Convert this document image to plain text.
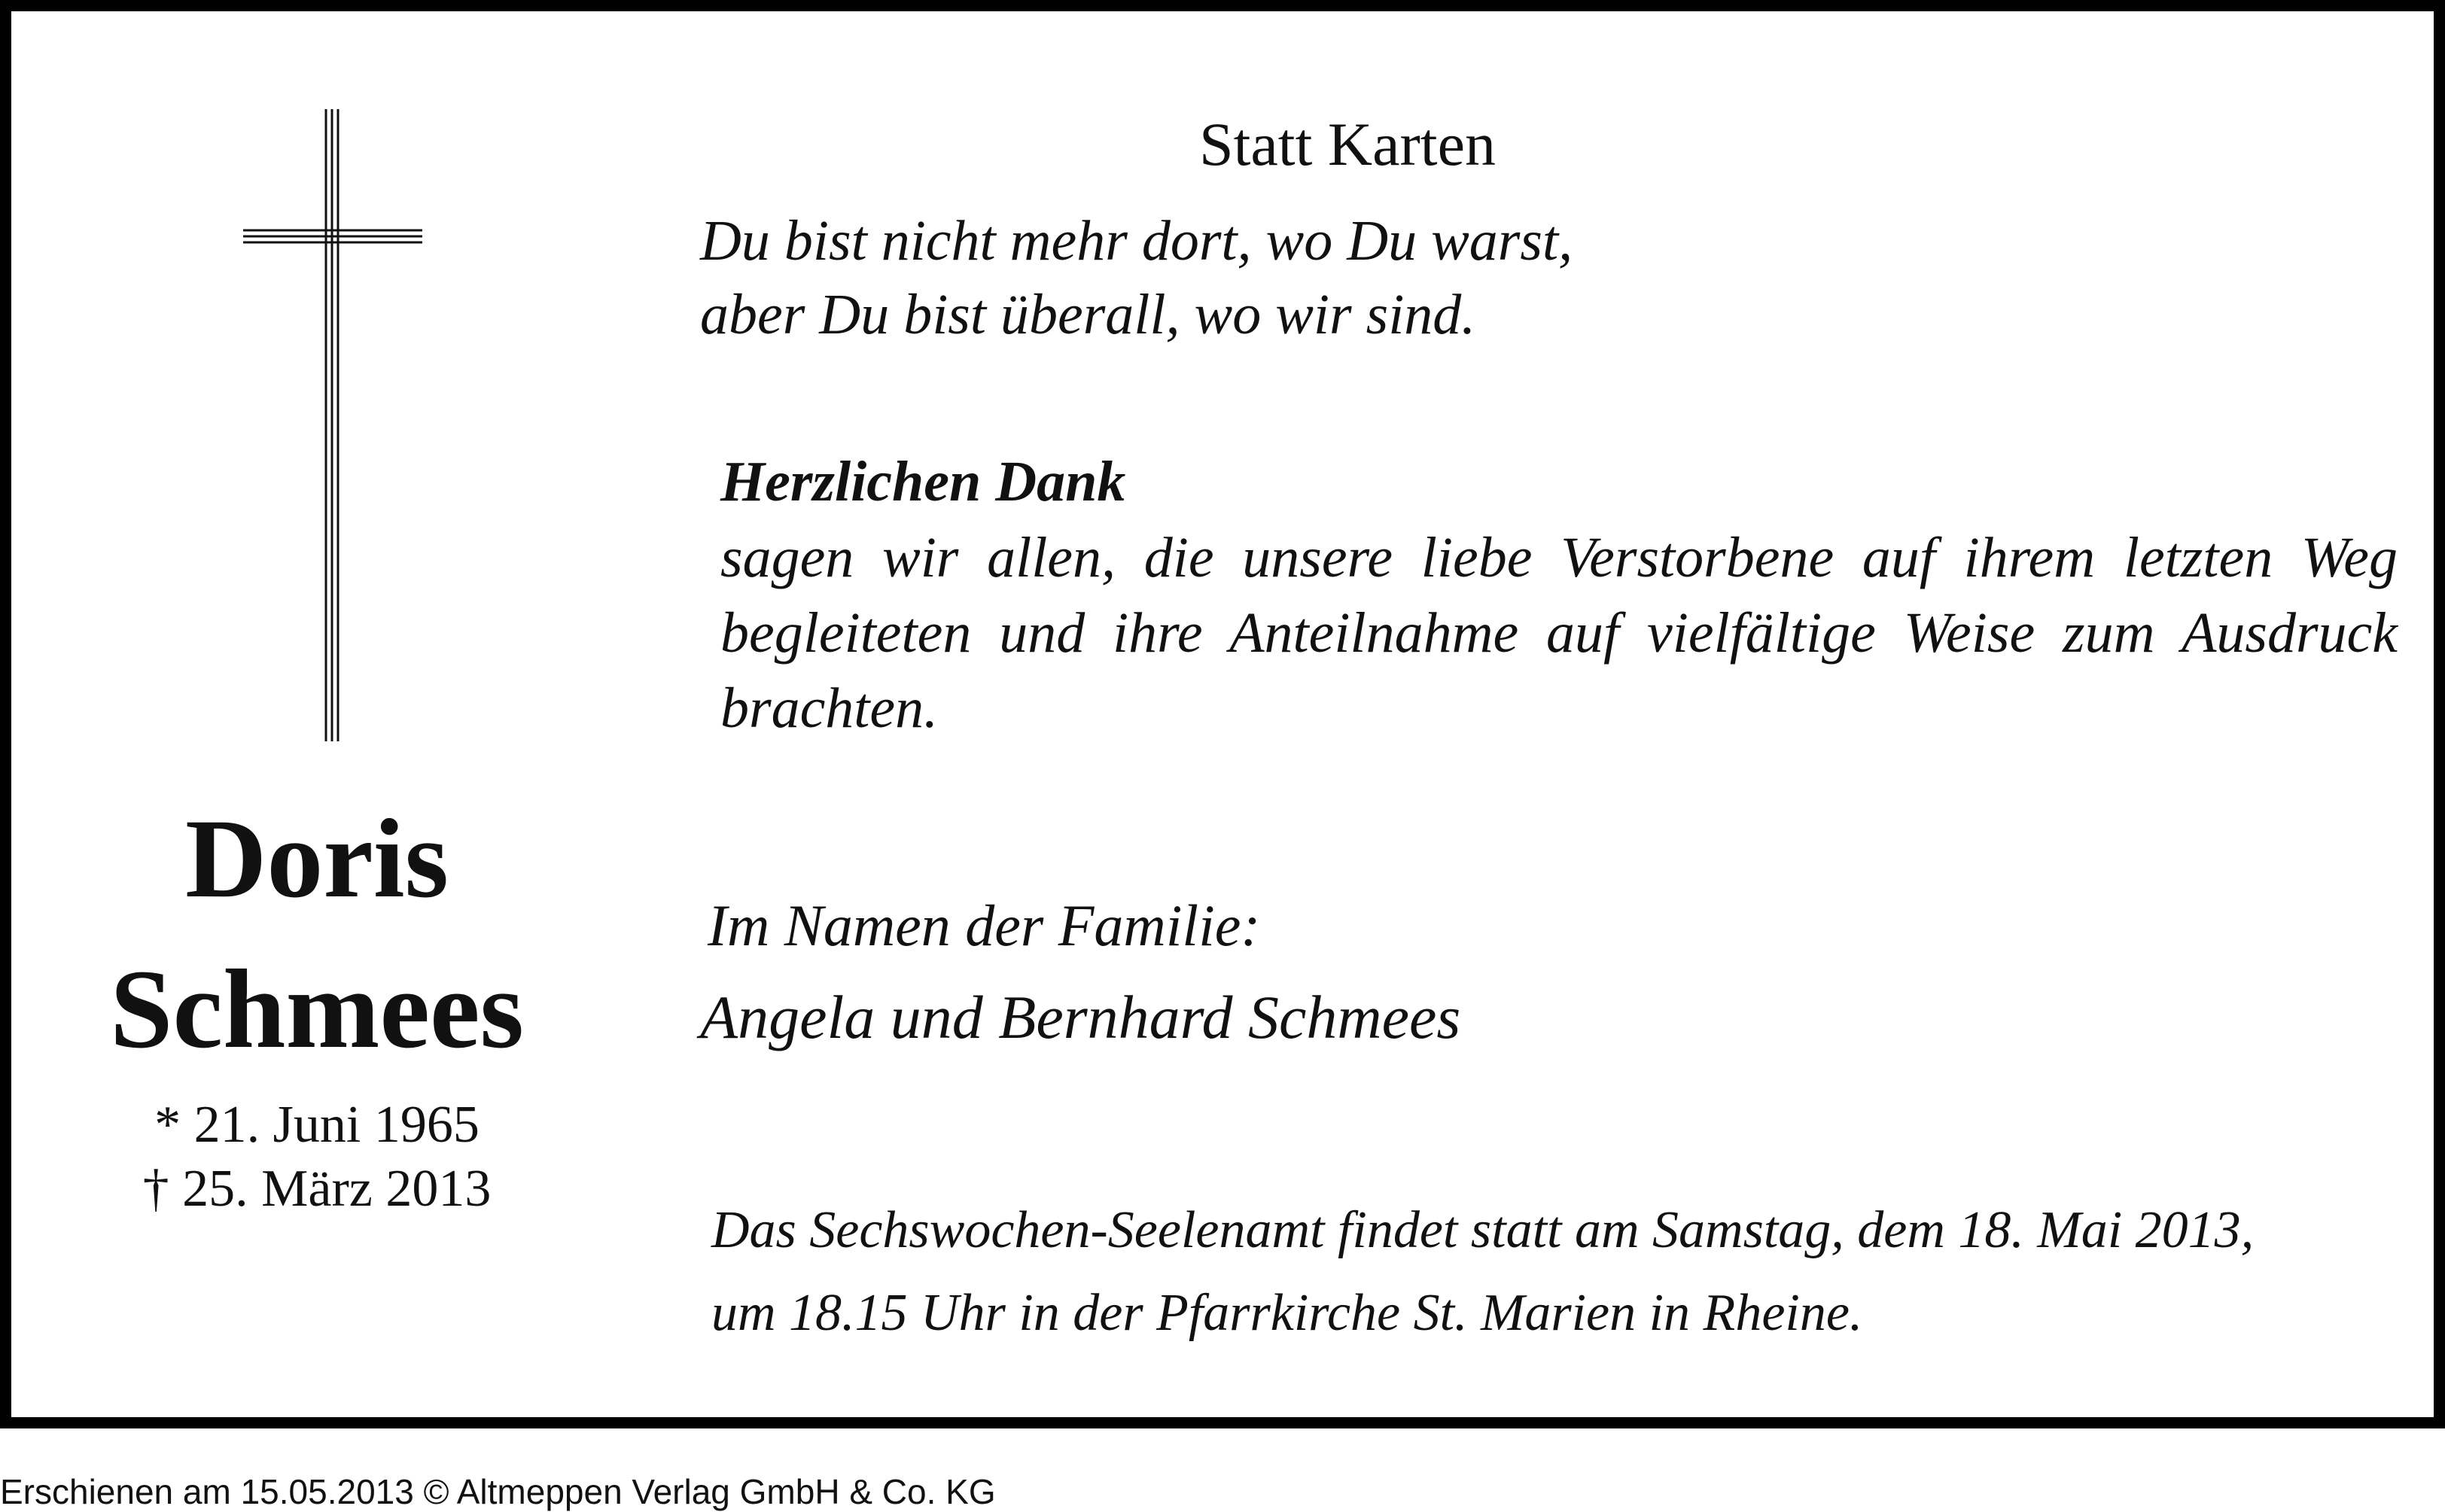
Statt Karten
Du bist nicht mehr dort, wo Du warst,
aber Du bist überall, wo wir sind.
Herzlichen Dank

sagen wir allen, die unsere liebe Verstorbene auf ihrem letzten Weg begleiteten und ihre Anteilnahme auf vielfältige Weise zum Ausdruck brachten.

Doris
Schmees
* 21. Juni 1965
† 25. März 2013
Im Namen der Familie:
Angela und Bernhard Schmees
Das Sechswochen-Seelenamt findet statt am Samstag, dem 18. Mai 2013,
um 18.15 Uhr in der Pfarrkirche St. Marien in Rheine.
Erschienen am 15.05.2013 © Altmeppen Verlag GmbH & Co. KG
